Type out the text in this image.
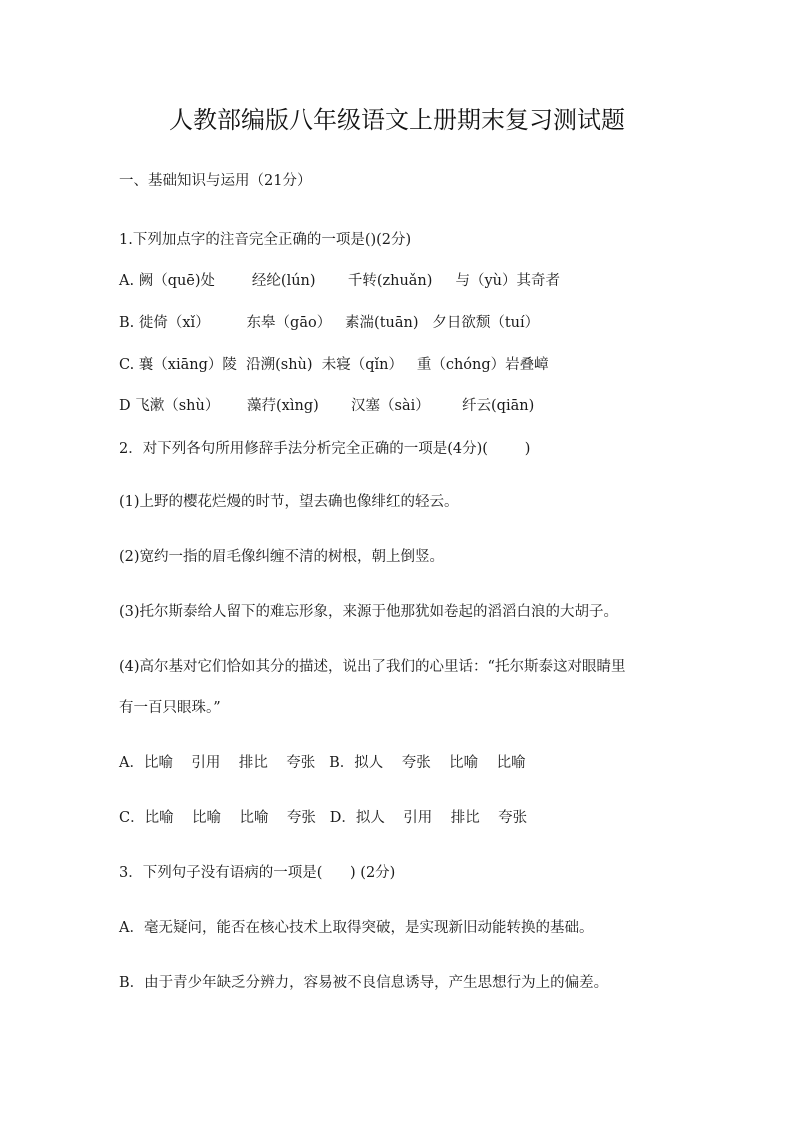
人教部编版八年级语文上册期末复习测试题
一、基础知识与运用（21分）
1.下列加点字的注音完全正确的一项是()(2分)
A. 阙（quē)处        经纶(lún)       千转(zhuǎn)     与（yù）其奇者
B. 徙倚（xǐ）        东皋（gāo）   素湍(tuān)   夕日欲颓（tuí）
C. 襄（xiāng）陵  沿溯(shù)  未寝（qǐn）   重（chóng）岩叠嶂
D 飞漱（shù）      藻荇(xìng)       汉塞（sài）       纤云(qiān)
2．对下列各句所用修辞手法分析完全正确的一项是(4分)(        )
(1)上野的樱花烂熳的时节，望去确也像绯红的轻云。
(2)宽约一指的眉毛像纠缠不清的树根，朝上倒竖。
(3)托尔斯泰给人留下的难忘形象，来源于他那犹如卷起的滔滔白浪的大胡子。
(4)高尔基对它们恰如其分的描述，说出了我们的心里话：“托尔斯泰这对眼睛里
有一百只眼珠。”
A．比喻    引用    排比    夸张   B．拟人    夸张    比喻    比喻
C．比喻    比喻    比喻    夸张   D．拟人    引用    排比    夸张
3．下列句子没有语病的一项是(      ) (2分)
A．毫无疑问，能否在核心技术上取得突破，是实现新旧动能转换的基础。
B．由于青少年缺乏分辨力，容易被不良信息诱导，产生思想行为上的偏差。
